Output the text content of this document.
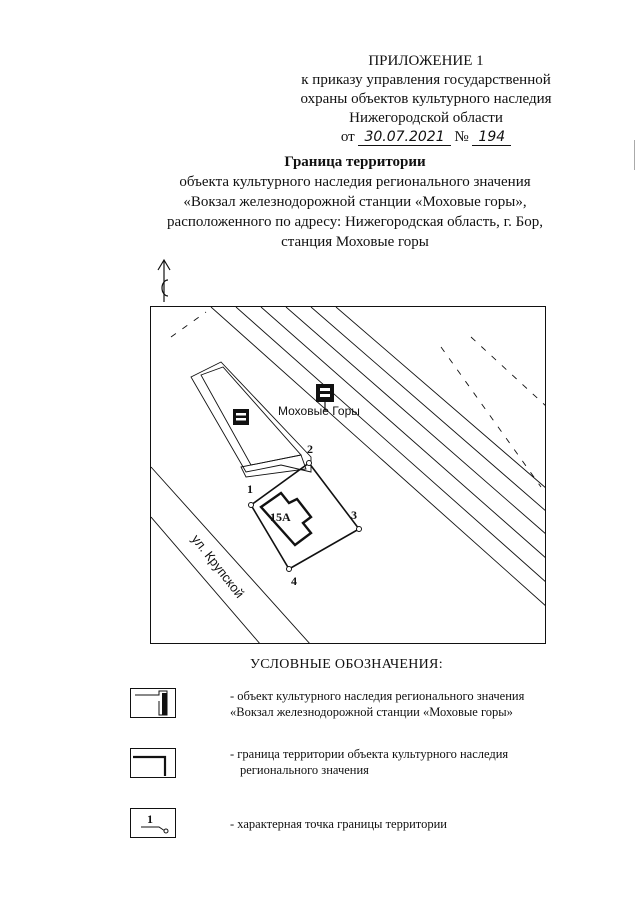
ПРИЛОЖЕНИЕ 1
к приказу управления государственной
охраны объектов культурного наследия
Нижегородской области
от 30.07.2021 № 194
Граница территории
объекта культурного наследия регионального значения
«Вокзал железнодорожной станции «Моховые горы»,
расположенного по адресу: Нижегородская область, г. Бор,
станция Моховые горы
Моховые Горы
15А
1
2
3
4
ул. Крупской
УСЛОВНЫЕ ОБОЗНАЧЕНИЯ:
- объект культурного наследия регионального значения
«Вокзал железнодорожной станции «Моховые горы»
- граница территории объекта культурного наследия
регионального значения
1	- характерная точка границы территории
